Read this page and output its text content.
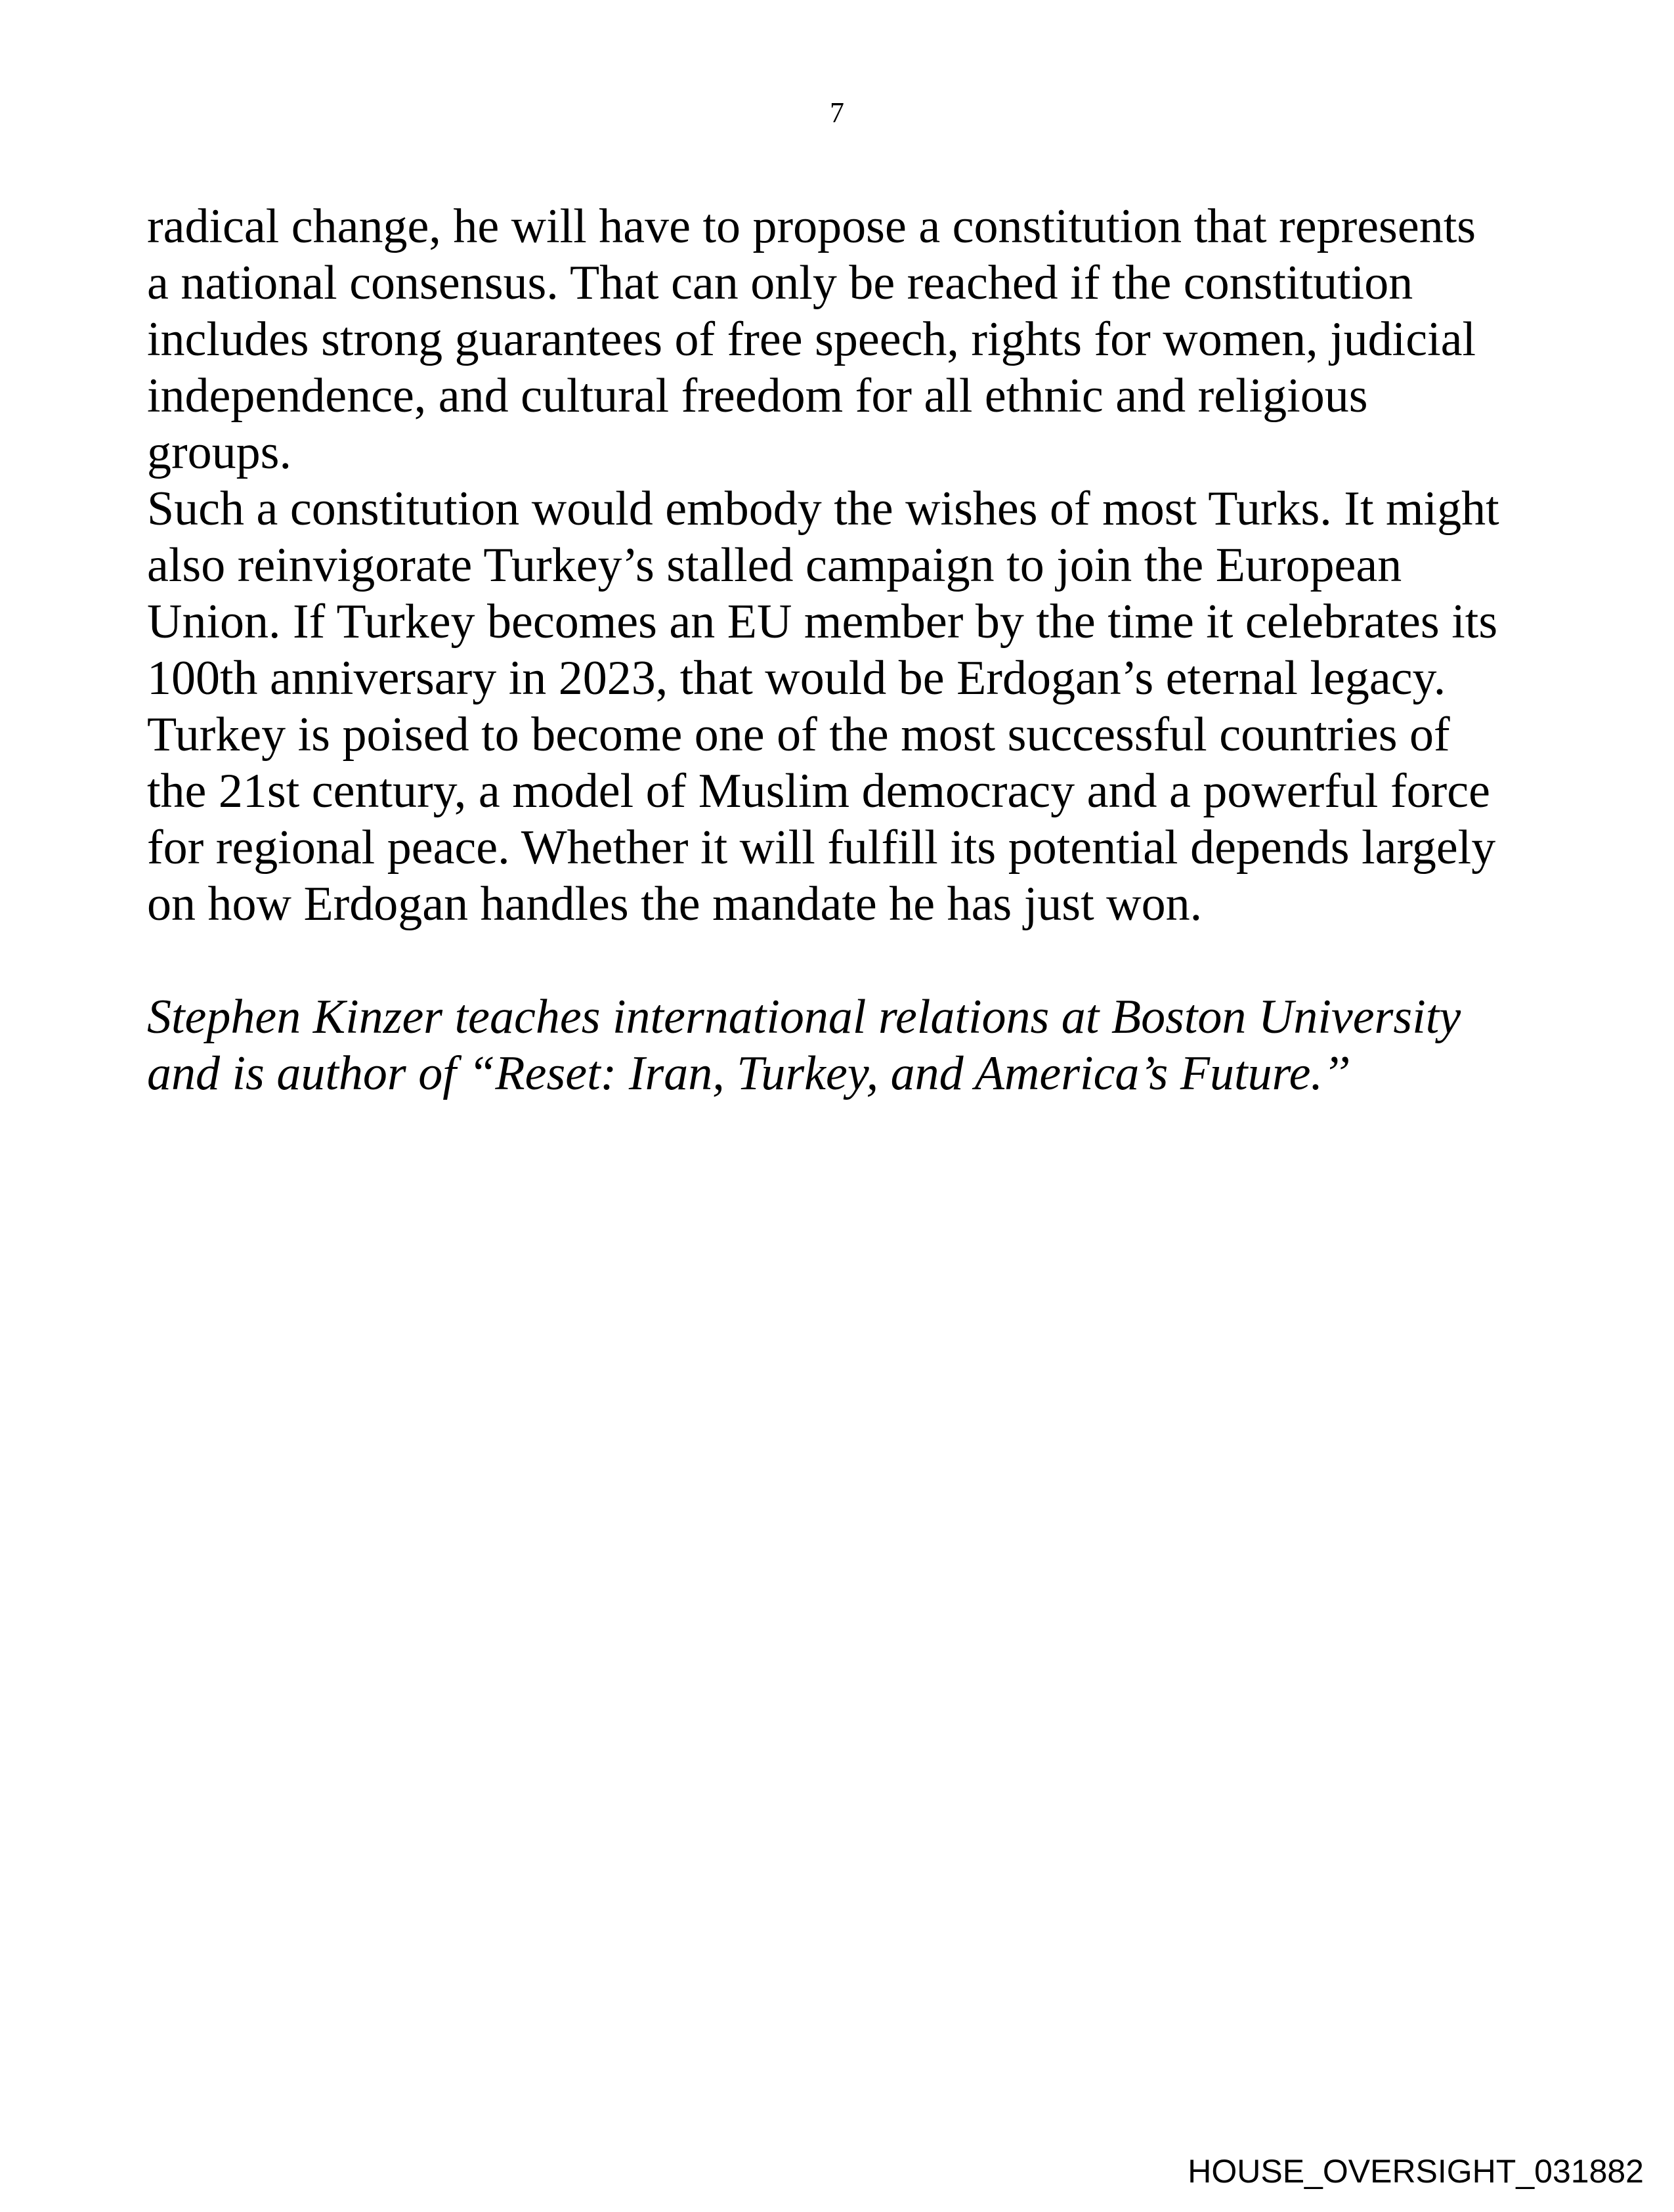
7

radical change, he will have to propose a constitution that represents
a national consensus. That can only be reached if the constitution
includes strong guarantees of free speech, rights for women, judicial
independence, and cultural freedom for all ethnic and religious
groups.

Such a constitution would embody the wishes of most Turks. It might
also reinvigorate Turkey’s stalled campaign to join the European
Union. If Turkey becomes an EU member by the time it celebrates its
100th anniversary in 2023, that would be Erdogan’s eternal legacy.

Turkey is poised to become one of the most successful countries of
the 21st century, a model of Muslim democracy and a powerful force
for regional peace. Whether it will fulfill its potential depends largely
on how Erdogan handles the mandate he has just won.

Stephen Kinzer teaches international relations at Boston University
and is author of “Reset: Iran, Turkey, and America’s Future.’’

HOUSE_OVERSIGHT_031882
